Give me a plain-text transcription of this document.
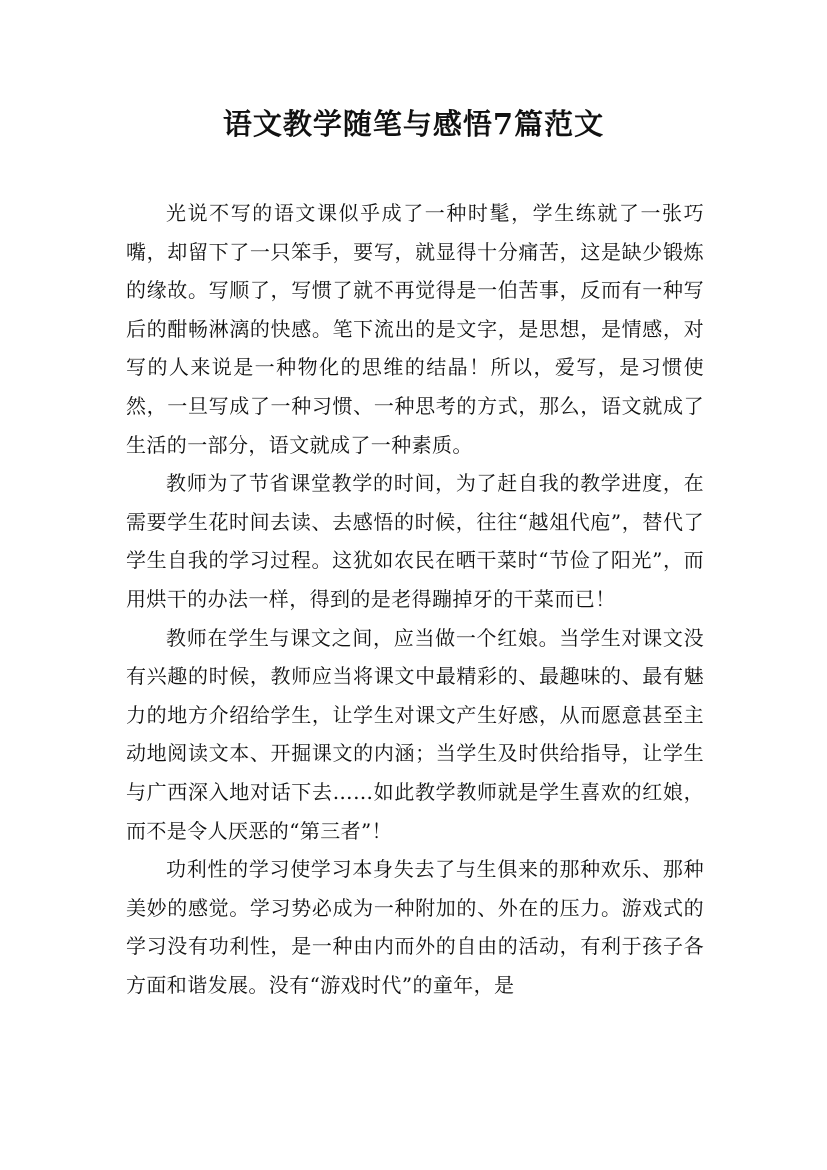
语文教学随笔与感悟7篇范文

光说不写的语文课似乎成了一种时髦，学生练就了一张巧嘴，却留下了一只笨手，要写，就显得十分痛苦，这是缺少锻炼的缘故。写顺了，写惯了就不再觉得是一伯苦事，反而有一种写后的酣畅淋漓的快感。笔下流出的是文字，是思想，是情感，对写的人来说是一种物化的思维的结晶！所以，爱写，是习惯使然，一旦写成了一种习惯、一种思考的方式，那么，语文就成了生活的一部分，语文就成了一种素质。

教师为了节省课堂教学的时间，为了赶自我的教学进度，在需要学生花时间去读、去感悟的时候，往往“越俎代庖”，替代了学生自我的学习过程。这犹如农民在晒干菜时“节俭了阳光”，而用烘干的办法一样，得到的是老得蹦掉牙的干菜而已！

教师在学生与课文之间，应当做一个红娘。当学生对课文没有兴趣的时候，教师应当将课文中最精彩的、最趣味的、最有魅力的地方介绍给学生，让学生对课文产生好感，从而愿意甚至主动地阅读文本、开掘课文的内涵；当学生及时供给指导，让学生与广西深入地对话下去……如此教学教师就是学生喜欢的红娘，而不是令人厌恶的“第三者”！

功利性的学习使学习本身失去了与生俱来的那种欢乐、那种美妙的感觉。学习势必成为一种附加的、外在的压力。游戏式的学习没有功利性，是一种由内而外的自由的活动，有利于孩子各方面和谐发展。没有“游戏时代”的童年，是
